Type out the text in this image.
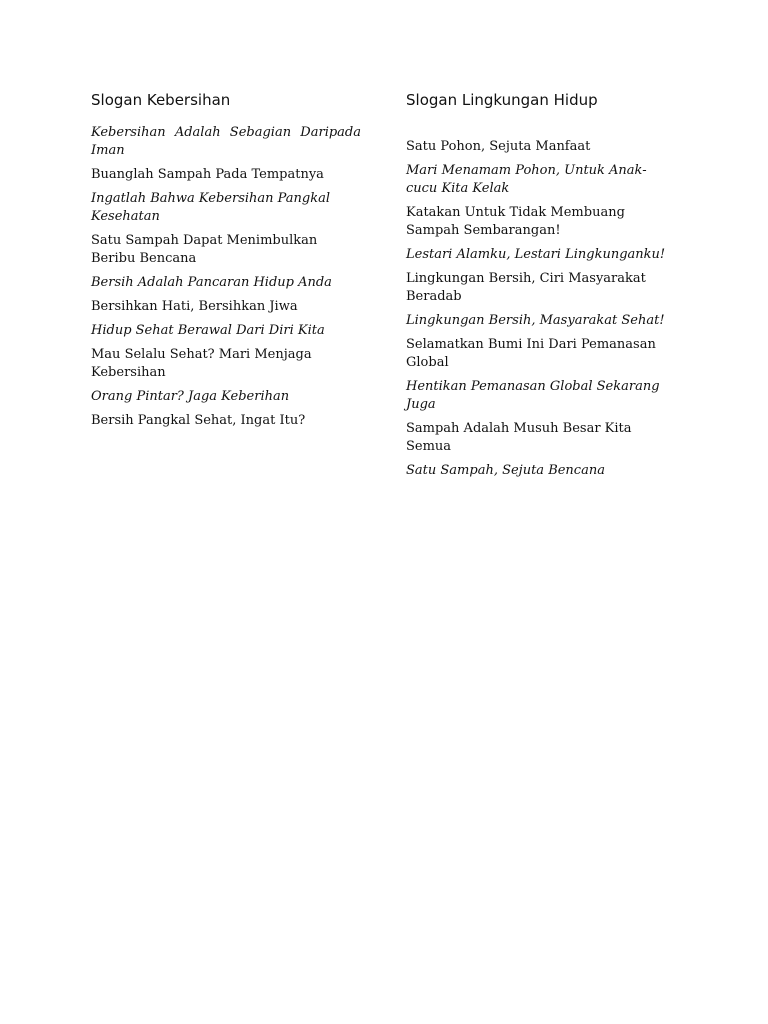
Slogan Kebersihan

Kebersihan Adalah Sebagian Daripada Iman

Buanglah Sampah Pada Tempatnya

Ingatlah Bahwa Kebersihan Pangkal Kesehatan

Satu Sampah Dapat Menimbulkan Beribu Bencana

Bersih Adalah Pancaran Hidup Anda

Bersihkan Hati, Bersihkan Jiwa

Hidup Sehat Berawal Dari Diri Kita

Mau Selalu Sehat? Mari Menjaga Kebersihan

Orang Pintar? Jaga Keberihan

Bersih Pangkal Sehat, Ingat Itu?

Slogan Lingkungan Hidup

Satu Pohon, Sejuta Manfaat

Mari Menamam Pohon, Untuk Anak-cucu Kita Kelak

Katakan Untuk Tidak Membuang Sampah Sembarangan!

Lestari Alamku, Lestari Lingkunganku!

Lingkungan Bersih, Ciri Masyarakat Beradab

Lingkungan Bersih, Masyarakat Sehat!

Selamatkan Bumi Ini Dari Pemanasan Global

Hentikan Pemanasan Global Sekarang Juga

Sampah Adalah Musuh Besar Kita Semua

Satu Sampah, Sejuta Bencana
